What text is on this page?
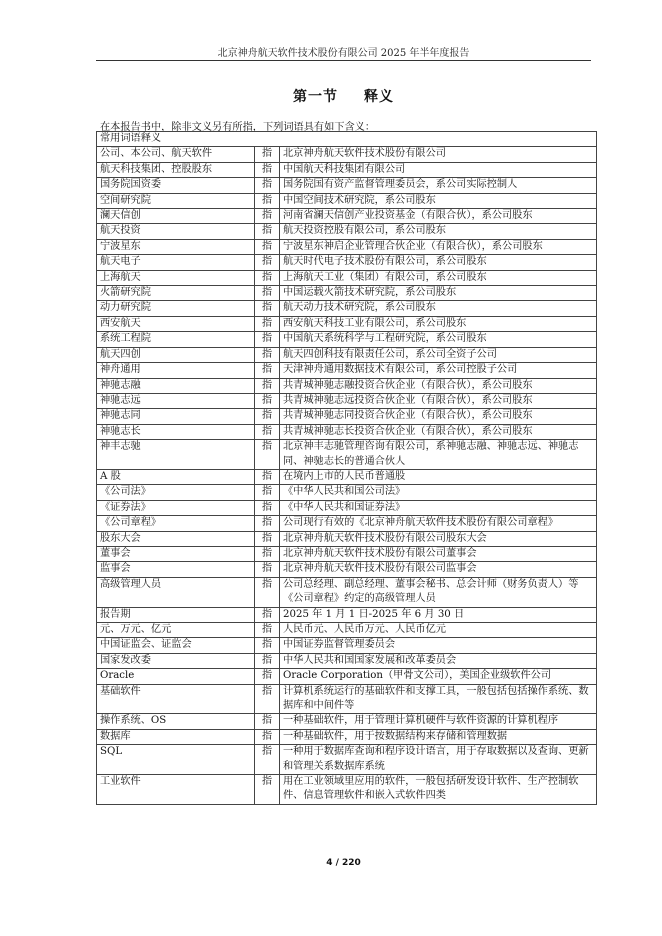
北京神舟航天软件技术股份有限公司 2025 年半年度报告
第一节 释义
在本报告书中，除非文义另有所指，下列词语具有如下含义：
常用词语释义		
公司、本公司、航天软件	指	北京神舟航天软件技术股份有限公司
航天科技集团、控股股东	指	中国航天科技集团有限公司
国务院国资委	指	国务院国有资产监督管理委员会，系公司实际控制人
空间研究院	指	中国空间技术研究院，系公司股东
澜天信创	指	河南省澜天信创产业投资基金（有限合伙），系公司股东
航天投资	指	航天投资控股有限公司，系公司股东
宁波星东	指	宁波星东神启企业管理合伙企业（有限合伙），系公司股东
航天电子	指	航天时代电子技术股份有限公司，系公司股东
上海航天	指	上海航天工业（集团）有限公司，系公司股东
火箭研究院	指	中国运载火箭技术研究院，系公司股东
动力研究院	指	航天动力技术研究院，系公司股东
西安航天	指	西安航天科技工业有限公司，系公司股东
系统工程院	指	中国航天系统科学与工程研究院，系公司股东
航天四创	指	航天四创科技有限责任公司，系公司全资子公司
神舟通用	指	天津神舟通用数据技术有限公司，系公司控股子公司
神驰志融	指	共青城神驰志融投资合伙企业（有限合伙），系公司股东
神驰志远	指	共青城神驰志远投资合伙企业（有限合伙），系公司股东
神驰志同	指	共青城神驰志同投资合伙企业（有限合伙），系公司股东
神驰志长	指	共青城神驰志长投资合伙企业（有限合伙），系公司股东
神丰志驰	指	北京神丰志驰管理咨询有限公司，系神驰志融、神驰志远、神驰志同、神驰志长的普通合伙人
A 股	指	在境内上市的人民币普通股
《公司法》	指	《中华人民共和国公司法》
《证券法》	指	《中华人民共和国证券法》
《公司章程》	指	公司现行有效的《北京神舟航天软件技术股份有限公司章程》
股东大会	指	北京神舟航天软件技术股份有限公司股东大会
董事会	指	北京神舟航天软件技术股份有限公司董事会
监事会	指	北京神舟航天软件技术股份有限公司监事会
高级管理人员	指	公司总经理、副总经理、董事会秘书、总会计师（财务负责人）等《公司章程》约定的高级管理人员
报告期	指	2025 年 1 月 1 日-2025 年 6 月 30 日
元、万元、亿元	指	人民币元、人民币万元、人民币亿元
中国证监会、证监会	指	中国证券监督管理委员会
国家发改委	指	中华人民共和国国家发展和改革委员会
Oracle	指	Oracle Corporation（甲骨文公司），美国企业级软件公司
基础软件	指	计算机系统运行的基础软件和支撑工具，一般包括包括操作系统、数据库和中间件等
操作系统、OS	指	一种基础软件，用于管理计算机硬件与软件资源的计算机程序
数据库	指	一种基础软件，用于按数据结构来存储和管理数据
SQL	指	一种用于数据库查询和程序设计语言，用于存取数据以及查询、更新和管理关系数据库系统
工业软件	指	用在工业领域里应用的软件，一般包括研发设计软件、生产控制软件、信息管理软件和嵌入式软件四类
4 / 220
